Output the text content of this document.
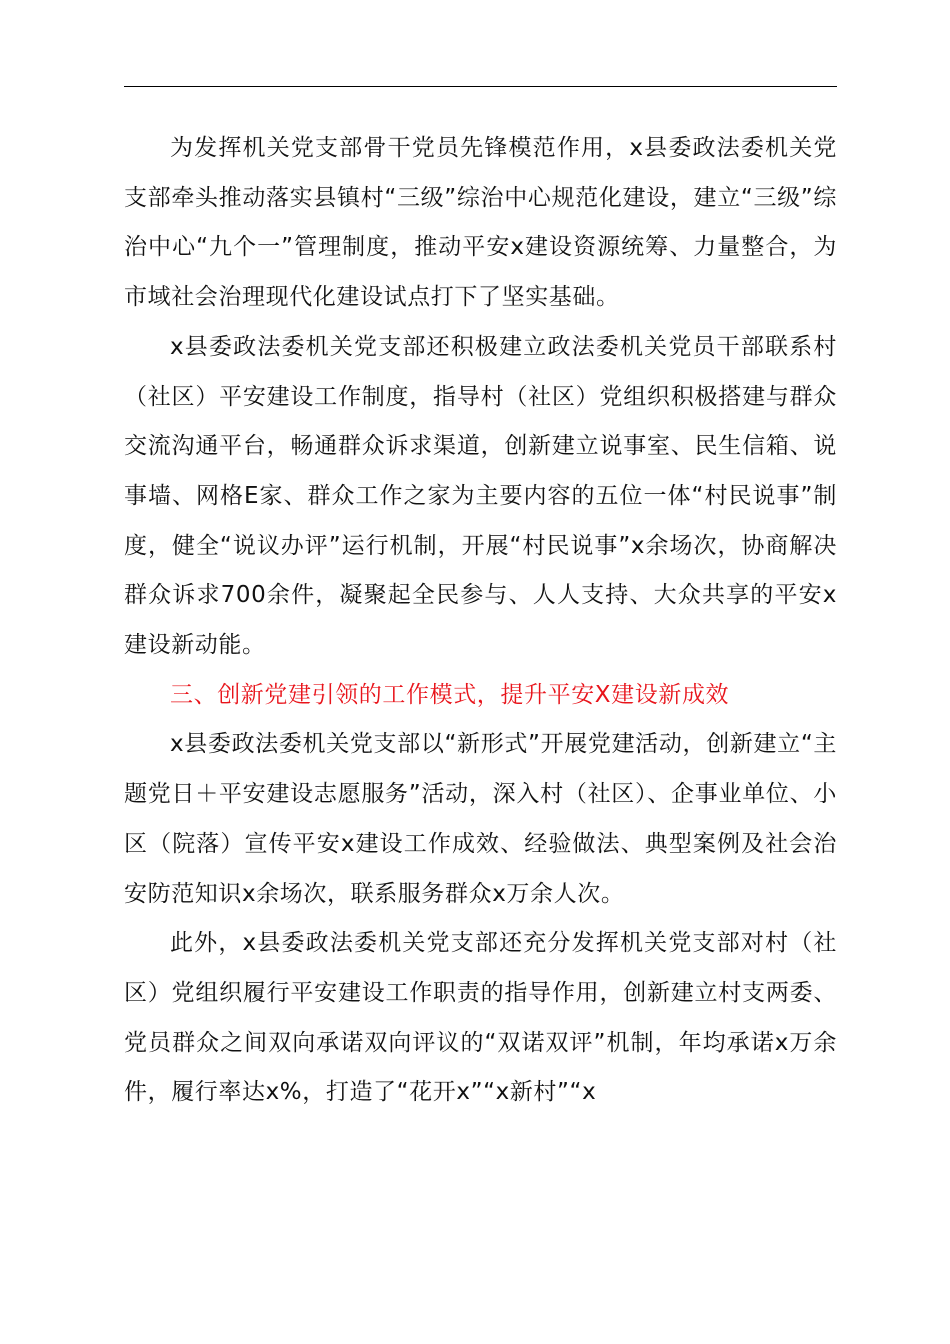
为发挥机关党支部骨干党员先锋模范作用，x县委政法委机关党支部牵头推动落实县镇村“三级”综治中心规范化建设，建立“三级”综治中心“九个一”管理制度，推动平安x建设资源统筹、力量整合，为市域社会治理现代化建设试点打下了坚实基础。

x县委政法委机关党支部还积极建立政法委机关党员干部联系村（社区）平安建设工作制度，指导村（社区）党组织积极搭建与群众交流沟通平台，畅通群众诉求渠道，创新建立说事室、民生信箱、说事墙、网格E家、群众工作之家为主要内容的五位一体“村民说事”制度，健全“说议办评”运行机制，开展“村民说事”x余场次，协商解决群众诉求700余件，凝聚起全民参与、人人支持、大众共享的平安x建设新动能。

三、创新党建引领的工作模式，提升平安X建设新成效

x县委政法委机关党支部以“新形式”开展党建活动，创新建立“主题党日＋平安建设志愿服务”活动，深入村（社区）、企事业单位、小区（院落）宣传平安x建设工作成效、经验做法、典型案例及社会治安防范知识x余场次，联系服务群众x万余人次。

此外，x县委政法委机关党支部还充分发挥机关党支部对村（社区）党组织履行平安建设工作职责的指导作用，创新建立村支两委、党员群众之间双向承诺双向评议的“双诺双评”机制，年均承诺x万余件，履行率达x%，打造了“花开x”“x新村”“x
